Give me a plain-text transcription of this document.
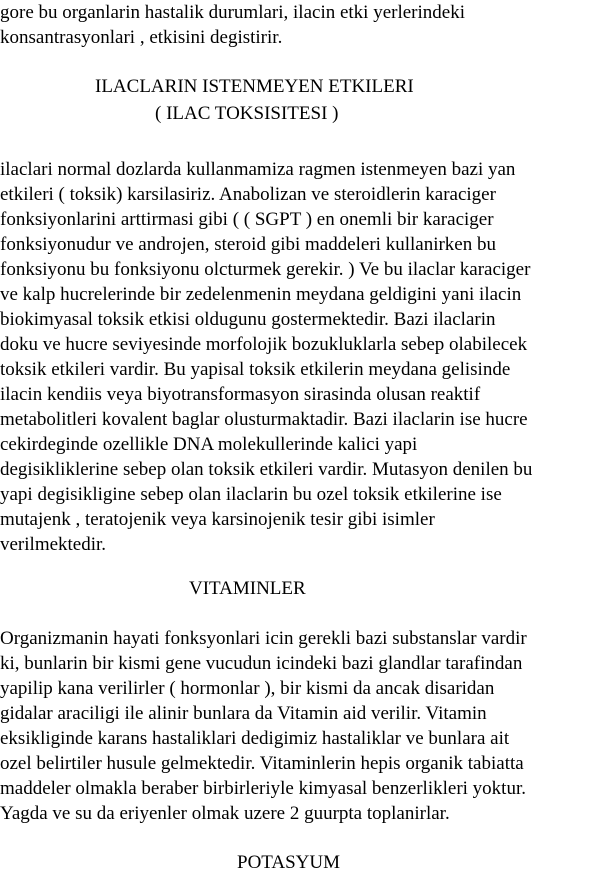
gore bu organlarin hastalik durumlari, ilacin etki yerlerindeki
konsantrasyonlari , etkisini degistirir.
ILACLARIN ISTENMEYEN ETKILERI
( ILAC TOKSISITESI )
ilaclari normal dozlarda kullanmamiza ragmen istenmeyen bazi yan
etkileri ( toksik) karsilasiriz. Anabolizan ve steroidlerin karaciger
fonksiyonlarini arttirmasi gibi ( ( SGPT ) en onemli bir karaciger
fonksiyonudur ve androjen, steroid gibi maddeleri kullanirken bu
fonksiyonu bu fonksiyonu olcturmek gerekir. ) Ve bu ilaclar karaciger
ve kalp hucrelerinde bir zedelenmenin meydana geldigini yani ilacin
biokimyasal toksik etkisi oldugunu gostermektedir. Bazi ilaclarin
doku ve hucre seviyesinde morfolojik bozukluklarla sebep olabilecek
toksik etkileri vardir. Bu yapisal toksik etkilerin meydana gelisinde
ilacin kendiis veya biyotransformasyon sirasinda olusan reaktif
metabolitleri kovalent baglar olusturmaktadir. Bazi ilaclarin ise hucre
cekirdeginde ozellikle DNA molekullerinde kalici yapi
degisikliklerine sebep olan toksik etkileri vardir. Mutasyon denilen bu
yapi degisikligine sebep olan ilaclarin bu ozel toksik etkilerine ise
mutajenk , teratojenik veya karsinojenik tesir gibi isimler
verilmektedir.
VITAMINLER
Organizmanin hayati fonksyonlari icin gerekli bazi substanslar vardir
ki, bunlarin bir kismi gene vucudun icindeki bazi glandlar tarafindan
yapilip kana verilirler ( hormonlar ), bir kismi da ancak disaridan
gidalar araciligi ile alinir bunlara da Vitamin aid verilir. Vitamin
eksikliginde karans hastaliklari dedigimiz hastaliklar ve bunlara ait
ozel belirtiler husule gelmektedir. Vitaminlerin hepis organik tabiatta
maddeler olmakla beraber birbirleriyle kimyasal benzerlikleri yoktur.
Yagda ve su da eriyenler olmak uzere 2 guurpta toplanirlar.
POTASYUM
